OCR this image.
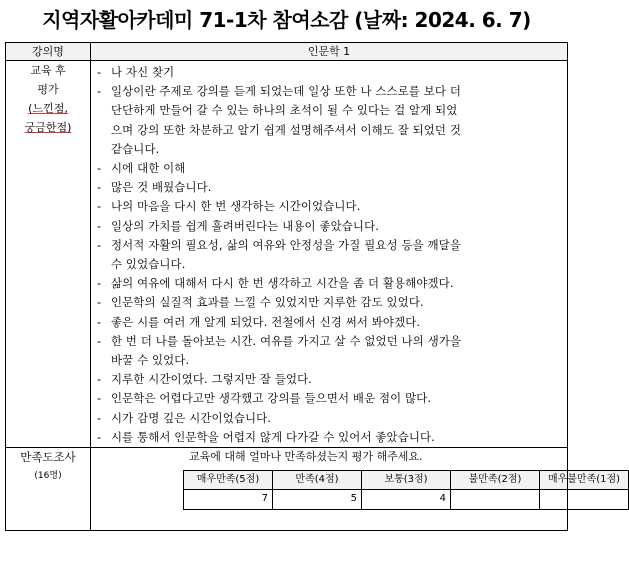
지역자활아카데미 71-1차 참여소감 (날짜: 2024. 6. 7)
강의명	인문학 1

교육 후
평가
(느낀점,
궁금한점)

- 나 자신 찾기
- 일상이란 주제로 강의를 듣게 되었는데 일상 또한 나 스스로를 보다 더
단단하게 만들어 갈 수 있는 하나의 초석이 될 수 있다는 걸 알게 되었
으며 강의 또한 차분하고 알기 쉽게 설명해주셔서 이해도 잘 되었던 것
같습니다.
- 시에 대한 이해
- 많은 것 배웠습니다.
- 나의 마음을 다시 한 번 생각하는 시간이었습니다.
- 일상의 가치를 쉽게 흘려버린다는 내용이 좋았습니다.
- 정서적 자활의 필요성, 삶의 여유와 안정성을 가질 필요성 등을 깨달을
수 있었습니다.
- 삶의 여유에 대해서 다시 한 번 생각하고 시간을 좀 더 활용해야겠다.
- 인문학의 실질적 효과를 느낄 수 있었지만 지루한 감도 있었다.
- 좋은 시를 여러 개 알게 되었다. 전철에서 신경 써서 봐야겠다.
- 한 번 더 나를 돌아보는 시간. 여유를 가지고 살 수 없었던 나의 생가을
바꿀 수 있었다.
- 지루한 시간이였다. 그렇지만 잘 들었다.
- 인문학은 어렵다고만 생각했고 강의를 들으면서 배운 점이 많다.
- 시가 감명 깊은 시간이었습니다.
- 시를 통해서 인문학을 어렵지 않게 다가갈 수 있어서 좋았습니다.

만족도조사
(16명)

교육에 대해 얼마나 만족하셨는지 평가 해주세요.
매우만족(5점)	만족(4점)	보통(3점)	불만족(2점)	매우불만족(1점)
7	5	4		
